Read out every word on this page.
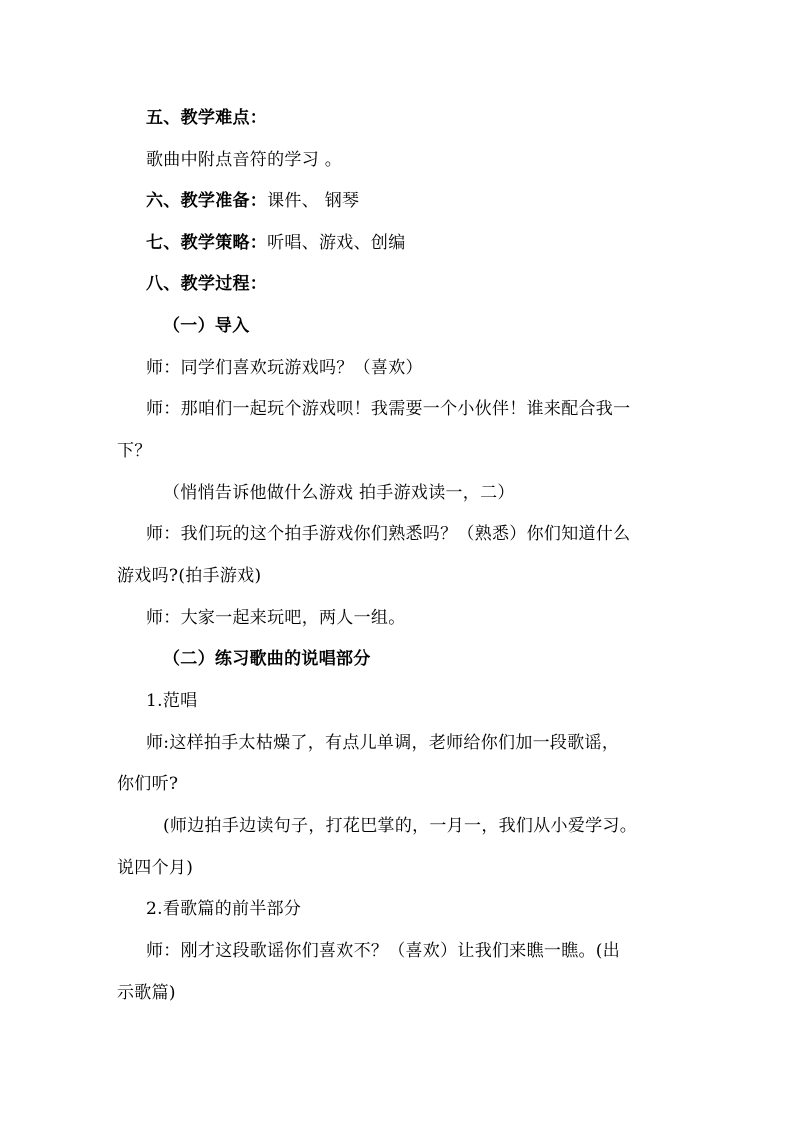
五、教学难点：
歌曲中附点音符的学习 。
六、教学准备：课件、 钢琴
七、教学策略：听唱、游戏、创编
八、教学过程：
（一）导入
师：同学们喜欢玩游戏吗？（喜欢）
师：那咱们一起玩个游戏呗！我需要一个小伙伴！谁来配合我一
下？
（悄悄告诉他做什么游戏 拍手游戏读一，二）
师：我们玩的这个拍手游戏你们熟悉吗？（熟悉）你们知道什么
游戏吗?(拍手游戏)
师：大家一起来玩吧，两人一组。
（二）练习歌曲的说唱部分
1.范唱
师:这样拍手太枯燥了，有点儿单调，老师给你们加一段歌谣，
你们听?
(师边拍手边读句子，打花巴掌的，一月一，我们从小爱学习。
说四个月)
2.看歌篇的前半部分
师：刚才这段歌谣你们喜欢不？（喜欢）让我们来瞧一瞧。(出
示歌篇)
